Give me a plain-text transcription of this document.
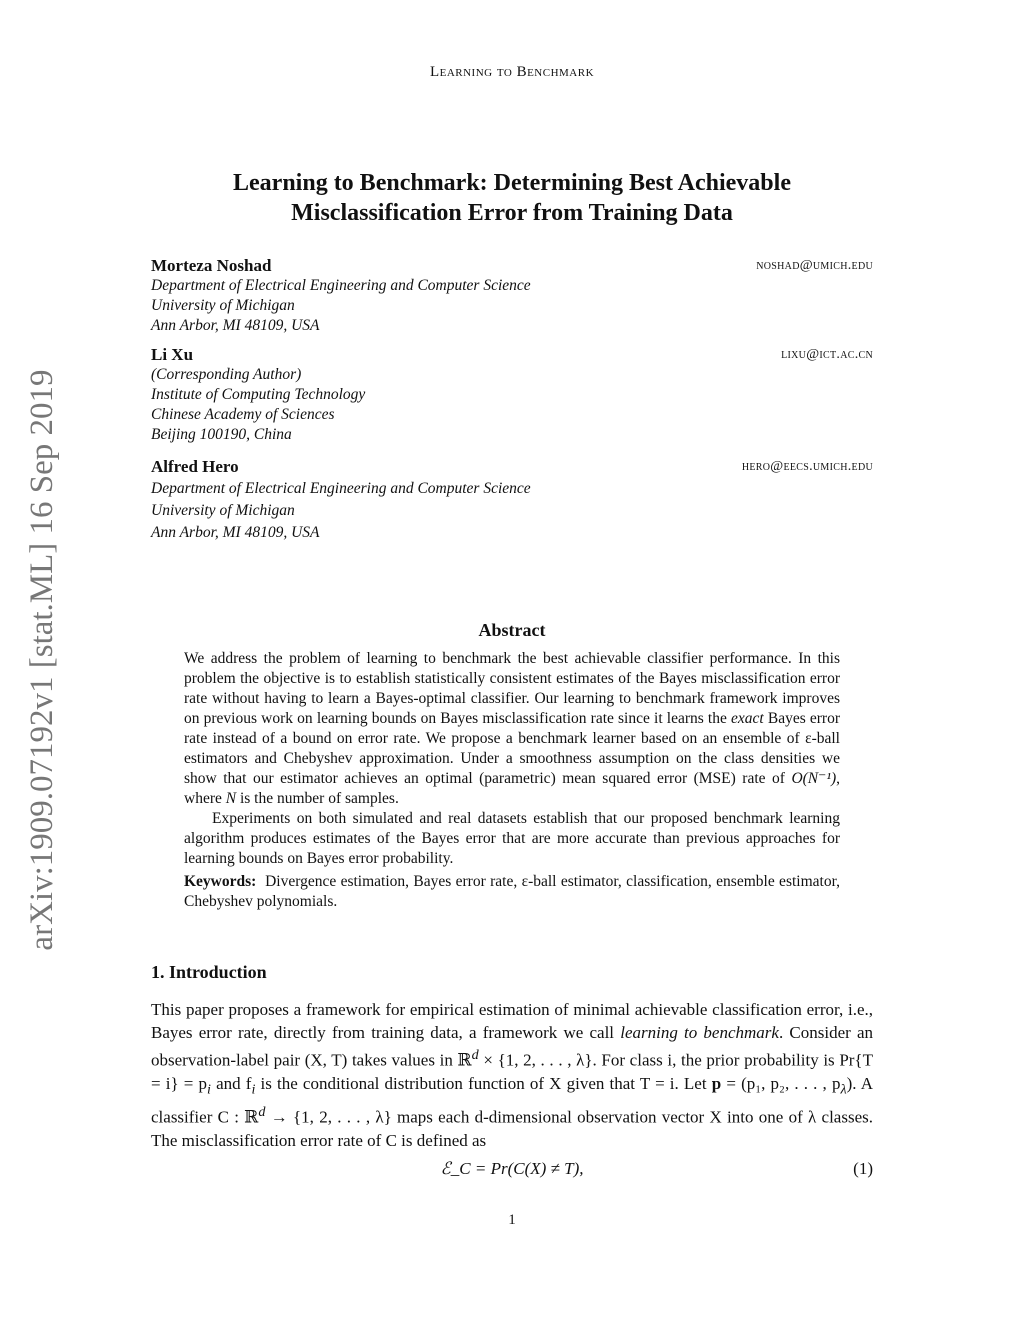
Learning to Benchmark
arXiv:1909.07192v1 [stat.ML] 16 Sep 2019
Learning to Benchmark: Determining Best Achievable
Misclassification Error from Training Data
Morteza Noshad	noshad@umich.edu
Department of Electrical Engineering and Computer Science
University of Michigan
Ann Arbor, MI 48109, USA
Li Xu	lixu@ict.ac.cn
(Corresponding Author)
Institute of Computing Technology
Chinese Academy of Sciences
Beijing 100190, China
Alfred Hero	hero@eecs.umich.edu
Department of Electrical Engineering and Computer Science
University of Michigan
Ann Arbor, MI 48109, USA
Abstract

We address the problem of learning to benchmark the best achievable classifier performance. In this problem the objective is to establish statistically consistent estimates of the Bayes misclassification error rate without having to learn a Bayes-optimal classifier. Our learning to benchmark framework improves on previous work on learning bounds on Bayes misclassification rate since it learns the exact Bayes error rate instead of a bound on error rate. We propose a benchmark learner based on an ensemble of ε-ball estimators and Chebyshev approximation. Under a smoothness assumption on the class densities we show that our estimator achieves an optimal (parametric) mean squared error (MSE) rate of O(N⁻¹), where N is the number of samples.

Experiments on both simulated and real datasets establish that our proposed benchmark learning algorithm produces estimates of the Bayes error that are more accurate than previous approaches for learning bounds on Bayes error probability.

Keywords: Divergence estimation, Bayes error rate, ε-ball estimator, classification, ensemble estimator, Chebyshev polynomials.

1. Introduction

This paper proposes a framework for empirical estimation of minimal achievable classification error, i.e., Bayes error rate, directly from training data, a framework we call learning to benchmark. Consider an observation-label pair (X, T) takes values in ℝ$^d$ × {1, 2, . . . , λ}. For class i, the prior probability is $Pr\{T = i\} = p_i$ and $f_i$ is the conditional distribution function of X given that T = i. Let p = (p₁, p₂, . . . , $p_\lambda$). A classifier C : ℝ$^d$ → {1, 2, . . . , λ} maps each d-dimensional observation vector X into one of λ classes. The misclassification error rate of C is defined as

ℰ_C = Pr(C(X) ≠ T),	(1)
1
